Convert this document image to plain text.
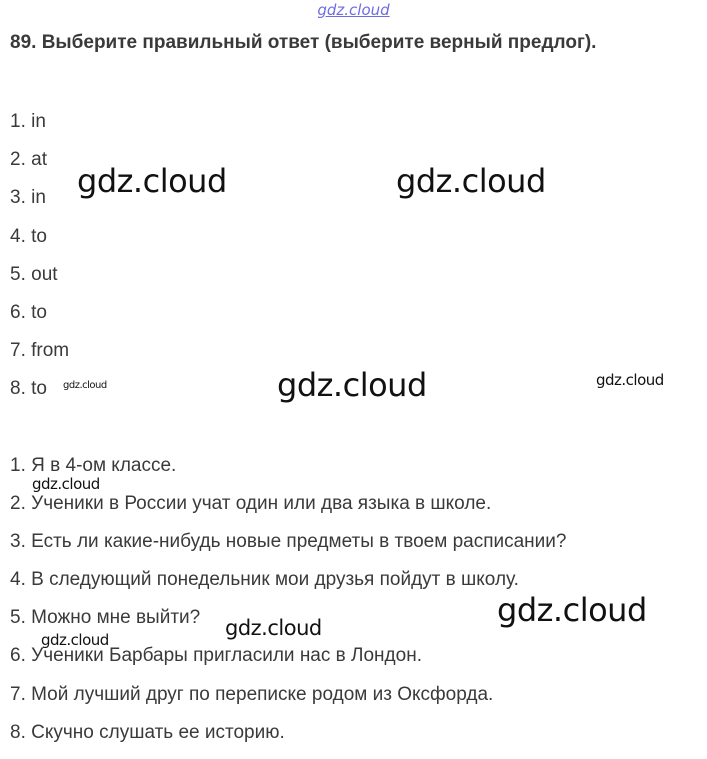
gdz.cloud
89. Выберите правильный ответ (выберите верный предлог).
1. in
2. at
3. in
4. to
5. out
6. to
7. from
8. to
1. Я в 4-ом классе.
2. Ученики в России учат один или два языка в школе.
3. Есть ли какие-нибудь новые предметы в твоем расписании?
4. В следующий понедельник мои друзья пойдут в школу.
5. Можно мне выйти?
6. Ученики Барбары пригласили нас в Лондон.
7. Мой лучший друг по переписке родом из Оксфорда.
8. Скучно слушать ее историю.
gdz.cloud	gdz.cloud
gdz.cloud	gdz.cloud	gdz.cloud
gdz.cloud
gdz.cloud
gdz.cloud
gdz.cloud
